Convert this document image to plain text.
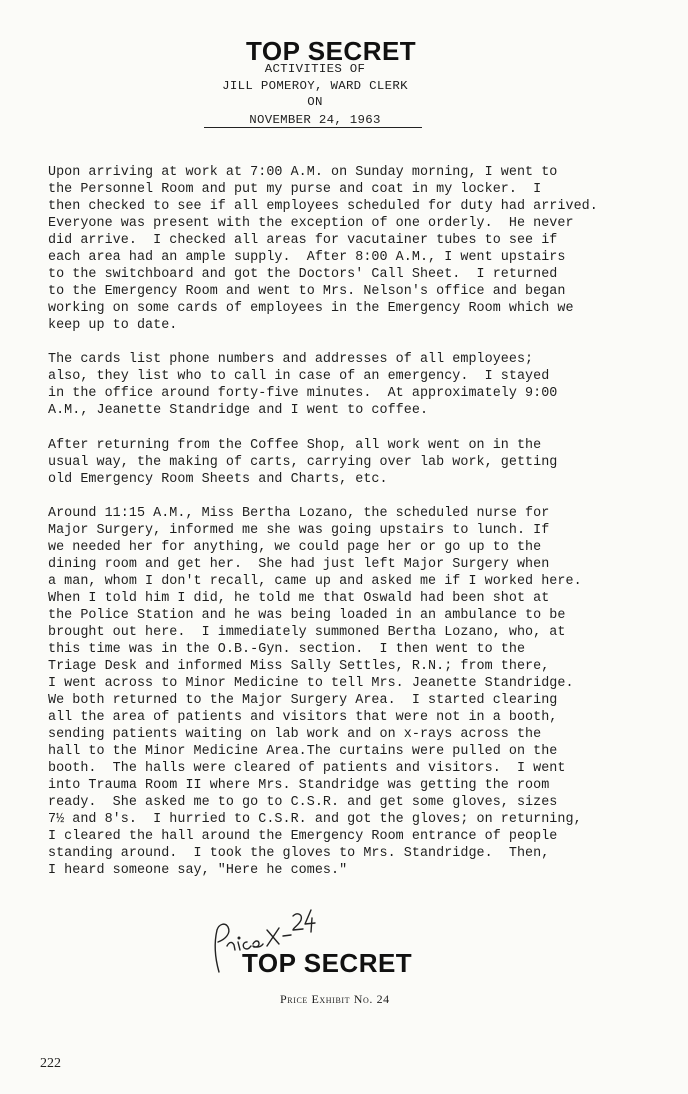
TOP SECRET
ACTIVITIES OF
JILL POMEROY, WARD CLERK
ON
NOVEMBER 24, 1963
Upon arriving at work at 7:00 A.M. on Sunday morning, I went to
the Personnel Room and put my purse and coat in my locker.  I
then checked to see if all employees scheduled for duty had arrived.
Everyone was present with the exception of one orderly.  He never
did arrive.  I checked all areas for vacutainer tubes to see if
each area had an ample supply.  After 8:00 A.M., I went upstairs
to the switchboard and got the Doctors' Call Sheet.  I returned
to the Emergency Room and went to Mrs. Nelson's office and began
working on some cards of employees in the Emergency Room which we
keep up to date.
The cards list phone numbers and addresses of all employees;
also, they list who to call in case of an emergency.  I stayed
in the office around forty-five minutes.  At approximately 9:00
A.M., Jeanette Standridge and I went to coffee.
After returning from the Coffee Shop, all work went on in the
usual way, the making of carts, carrying over lab work, getting
old Emergency Room Sheets and Charts, etc.
Around 11:15 A.M., Miss Bertha Lozano, the scheduled nurse for
Major Surgery, informed me she was going upstairs to lunch. If
we needed her for anything, we could page her or go up to the
dining room and get her.  She had just left Major Surgery when
a man, whom I don't recall, came up and asked me if I worked here.
When I told him I did, he told me that Oswald had been shot at
the Police Station and he was being loaded in an ambulance to be
brought out here.  I immediately summoned Bertha Lozano, who, at
this time was in the O.B.-Gyn. section.  I then went to the
Triage Desk and informed Miss Sally Settles, R.N.; from there,
I went across to Minor Medicine to tell Mrs. Jeanette Standridge.
We both returned to the Major Surgery Area.  I started clearing
all the area of patients and visitors that were not in a booth,
sending patients waiting on lab work and on x-rays across the
hall to the Minor Medicine Area.The curtains were pulled on the
booth.  The halls were cleared of patients and visitors.  I went
into Trauma Room II where Mrs. Standridge was getting the room
ready.  She asked me to go to C.S.R. and get some gloves, sizes
7½ and 8's.  I hurried to C.S.R. and got the gloves; on returning,
I cleared the hall around the Emergency Room entrance of people
standing around.  I took the gloves to Mrs. Standridge.  Then,
I heard someone say, "Here he comes."
TOP SECRET
Price Exhibit No. 24
222
